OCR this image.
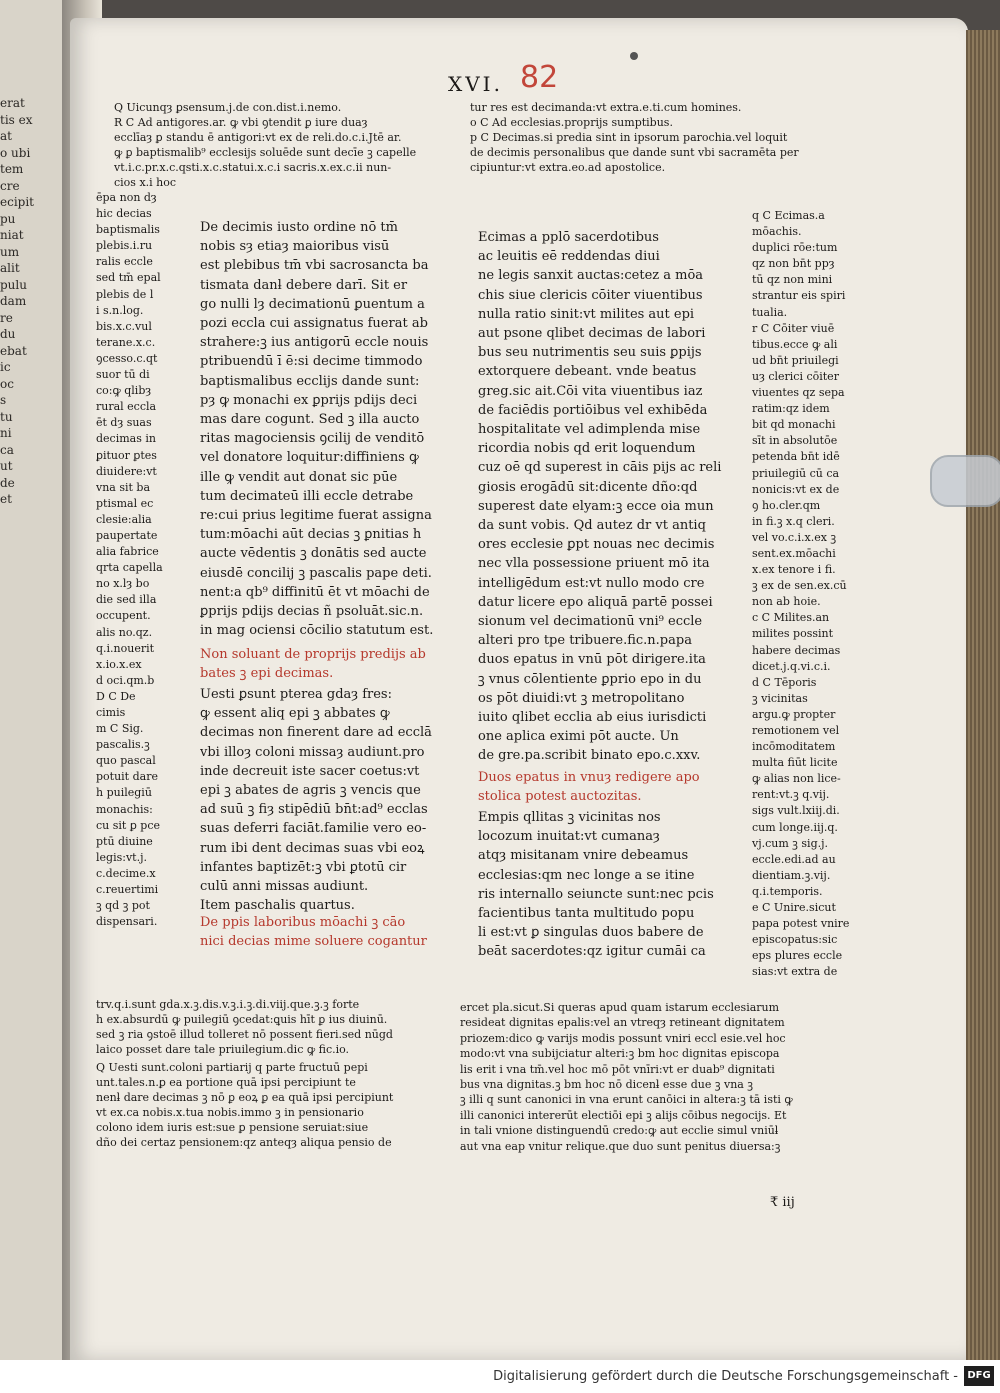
erat
tis ex
at
o ubi
tem
cre
ecipit
pu
niat
um
alit
pulu
dam
re
du
ebat
ic
oc
s
tu
ni
ca
ut
de
et
XVI. 82
Q Uicunqȝ ꝑsensum.j.de con.dist.i.nemo.
R C Ad antigores.ar. ꝙ vbi ꝯtendit ꝑ iure duaȝ
ecclīaȝ ꝑ standu ē antigori:vt ex de reli.do.c.i.Jtē ar.
ꝙ ꝑ baptismalib⁹ ecclesijs soluēde sunt decīe ꝫ capelle
vt.i.c.pr.x.c.qsti.x.c.statui.x.c.i sacris.x.ex.c.ii nun-
cios x.i hoc
tur res est decimanda:vt extra.e.ti.cum homines.
o C Ad ecclesias.proprijs sumptibus.
p C Decimas.si predia sint in ipsorum parochia.vel loquit
de decimis personalibus que dande sunt vbi sacramēta per
cipiuntur:vt extra.eo.ad apostolice.
ēpa non dȝ
hic decias
baptismalis
plebis.i.ru
ralis eccle
sed tm̄ epal
plebis de l
i s.n.log.
bis.x.c.vul
terane.x.c.
ꝯcesso.c.qt
suor tū di
co:ꝙ qlibȝ
rural eccla
ēt dȝ suas
decimas in
ꝑituor ꝑtes
diuidere:vt
vna sit ba
ptismal ec
clesie:alia
paupertate
alia fabrice
qrta capella
no x.lȝ bo
die sed illa
occupent.
alis no.qz.
q.i.nouerit
x.io.x.ex
d oci.qm.b
D C De
cimis
m C Sig.
pascalis.ꝫ
quo pascal
potuit dare
h puilegiū
monachis:
cu sit ꝑ pce
ptū diuine
legis:vt.j.
c.decime.x
c.reuertimi
ꝫ qd ꝫ pot
dispensari.
De decimis iusto ordine nō tm̄
nobis sȝ etiaȝ maioribus visū
est plebibus tm̄ vbi sacrosancta ba
tismata danƚ debere darī. Sit er
go nulli lȝ decimationū ꝑuentum a
pozi eccla cui assignatus fuerat ab
strahere:ꝫ ius antigorū eccle nouis
ptribuendū ī ē:si decime timmodo
baptismalibus ecclijs dande sunt:
pȝ ꝙ monachi ex ꝑprijs pdijs deci
mas dare cogunt. Sed ꝫ illa aucto
ritas magociensis ꝯcilij de venditō
vel donatore loquitur:diffiniens ꝙ
ille ꝙ vendit aut donat sic pūe
tum decimateū illi eccle detrabe
re:cui prius legitime fuerat assigna
tum:mōachi aūt decias ꝫ ꝑnitias h
aucte vēdentis ꝫ donātis sed aucte
eiusdē concilij ꝫ pascalis pape deti.
nent:a qb⁹ diffinitū ēt vt mōachi de
ꝑprijs pdijs decias ñ psoluāt.sic.n.
in mag ociensi cōcilio statutum est.
Non soluant de proprijs predijs ab
bates ꝫ epi decimas.
Uesti ꝑsunt pterea gdaȝ fres:
ꝙ essent aliq epi ꝫ abbates ꝙ
decimas non finerent dare ad ecclā
vbi illoȝ coloni missaȝ audiunt.pro
inde decreuit iste sacer coetus:vt
epi ꝫ abates de agris ꝫ vencis que
ad suū ꝫ fiȝ stipēdiū bn̄t:ad⁹ ecclas
suas deferri faciāt.familie vero eo-
rum ibi dent decimas suas vbi eoꝝ
infantes baptizēt:ꝫ vbi ꝑtotū cir
culū anni missas audiunt.
Item paschalis quartus.
De ppis laboribus mōachi ꝫ cāo
nici decias mime soluere cogantur
Ecimas a pplō sacerdotibus
ac leuitis eē reddendas diui
ne legis sanxit auctas:cetez a mōa
chis siue clericis cōiter viuentibus
nulla ratio sinit:vt milites aut epi
aut psone qlibet decimas de labori
bus seu nutrimentis seu suis ꝑpijs
extorquere debeant. vnde beatus
greg.sic ait.Cōi vita viuentibus iaz
de faciēdis portiōibus vel exhibēda
hospitalitate vel adimplenda mise
ricordia nobis qd erit loquendum
cuz oē qd superest in cāis pijs ac reli
giosis erogādū sit:dicente dño:qd
superest date elyam:ꝫ ecce oia mun
da sunt vobis. Qd autez dr vt antiq
ores ecclesie ꝑpt nouas nec decimis
nec vlla possessione priuent mō ita
intelligēdum est:vt nullo modo cre
datur licere epo aliquā partē possei
sionum vel decimationū vni⁹ eccle
alteri pro tpe tribuere.fic.n.papa
duos epatus in vnū pōt dirigere.ita
ꝫ vnus cōlentiente ꝑprio epo in du
os pōt diuidi:vt ꝫ metropolitano
iuito qlibet ecclia ab eius iurisdicti
one aplica eximi pōt aucte. Un
de gre.pa.scribit binato epo.c.xxv.
Duos epatus in vnuȝ redigere apo
stolica potest auctozitas.
Empis qllitas ꝫ vicinitas nos
locozum inuitat:vt cumanaȝ
atqȝ misitanam vnire debeamus
ecclesias:qm nec longe a se itine
ris internallo seiuncte sunt:nec pcis
facientibus tanta multitudo popu
li est:vt ꝑ singulas duos babere de
beāt sacerdotes:qz igitur cumāi ca
q C Ecimas.a
mōachis.
duplici rōe:tum
qz non bn̄t ppȝ
tū qz non mini
strantur eis spiri
tualia.
r C Cōiter viuē
tibus.ecce ꝙ ali
ud bn̄t priuilegi
uȝ clerici cōiter
viuentes qz sepa
ratim:qz idem
bit qd monachi
sīt in absolutōe
petenda bn̄t idē
priuilegiū cū ca
nonicis:vt ex de
ꝯ ho.cler.qm
in fi.ꝫ x.q cleri.
vel vo.c.i.x.ex ꝫ
sent.ex.mōachi
x.ex tenore i fi.
ꝫ ex de sen.ex.cū
non ab hoie.
c C Milites.an
milites possint
habere decimas
dicet.j.q.vi.c.i.
d C Tēporis
ꝫ vicinitas
argu.ꝙ propter
remotionem vel
incōmoditatem
multa fiūt licite
ꝙ alias non lice-
rent:vt.ꝫ q.vij.
sigs vult.lxiij.di.
cum longe.iij.q.
vj.cum ꝫ sig.j.
eccle.edi.ad au
dientiam.ꝫ.vij.
q.i.temporis.
e C Unire.sicut
papa potest vnire
episcopatus:sic
eps plures eccle
sias:vt extra de
trv.q.i.sunt gda.x.ꝫ.dis.v.ꝫ.i.ꝫ.di.viij.que.ꝫ.ꝫ forte
h ex.absurdū ꝙ puilegiū ꝯcedat:ꝗuis hīt ꝑ ius diuinū.
sed ꝫ ria ꝯstoē illud tolleret nō possent fieri.sed nūgd
laico posset dare tale priuilegium.dic ꝙ fic.io.
Q Uesti sunt.coloni partiarij q parte fructuū pepi
unt.tales.n.ꝑ ea portione quā ipsi percipiunt te
nenƚ dare decimas ꝫ nō ꝑ eoꝝ ꝑ ea quā ipsi percipiunt
vt ex.ca nobis.x.tua nobis.immo ꝫ in pensionario
colono idem iuris est:sue ꝑ pensione seruiat:siue
dño dei certaz pensionem:qz anteqȝ aliqua pensio de
ercet pla.sicut.Si queras apud quam istarum ecclesiarum
resideat dignitas epalis:vel an vtreqȝ retineant dignitatem
priozem:dico ꝙ varijs modis possunt vniri eccl esie.vel hoc
modo:vt vna subijciatur alteri:ꝫ bm hoc dignitas episcopa
lis erit i vna tm̄.vel hoc mō pōt vnīri:vt er duab⁹ dignitati
bus vna dignitas.ꝫ bm hoc nō dicenƚ esse due ꝫ vna ꝫ
ꝫ illi q sunt canonici in vna erunt canōici in altera:ꝫ tā isti ꝙ
illi canonici intererūt electiōi epi ꝫ alijs cōibus negocijs. Et
in tali vnione distinguendū credo:ꝙ aut ecclie simul vniūƚ
aut vna eap vnitur relique.que duo sunt penitus diuersa:ꝫ
₹ iij
Digitalisierung gefördert durch die Deutsche Forschungsgemeinschaft - DFG
